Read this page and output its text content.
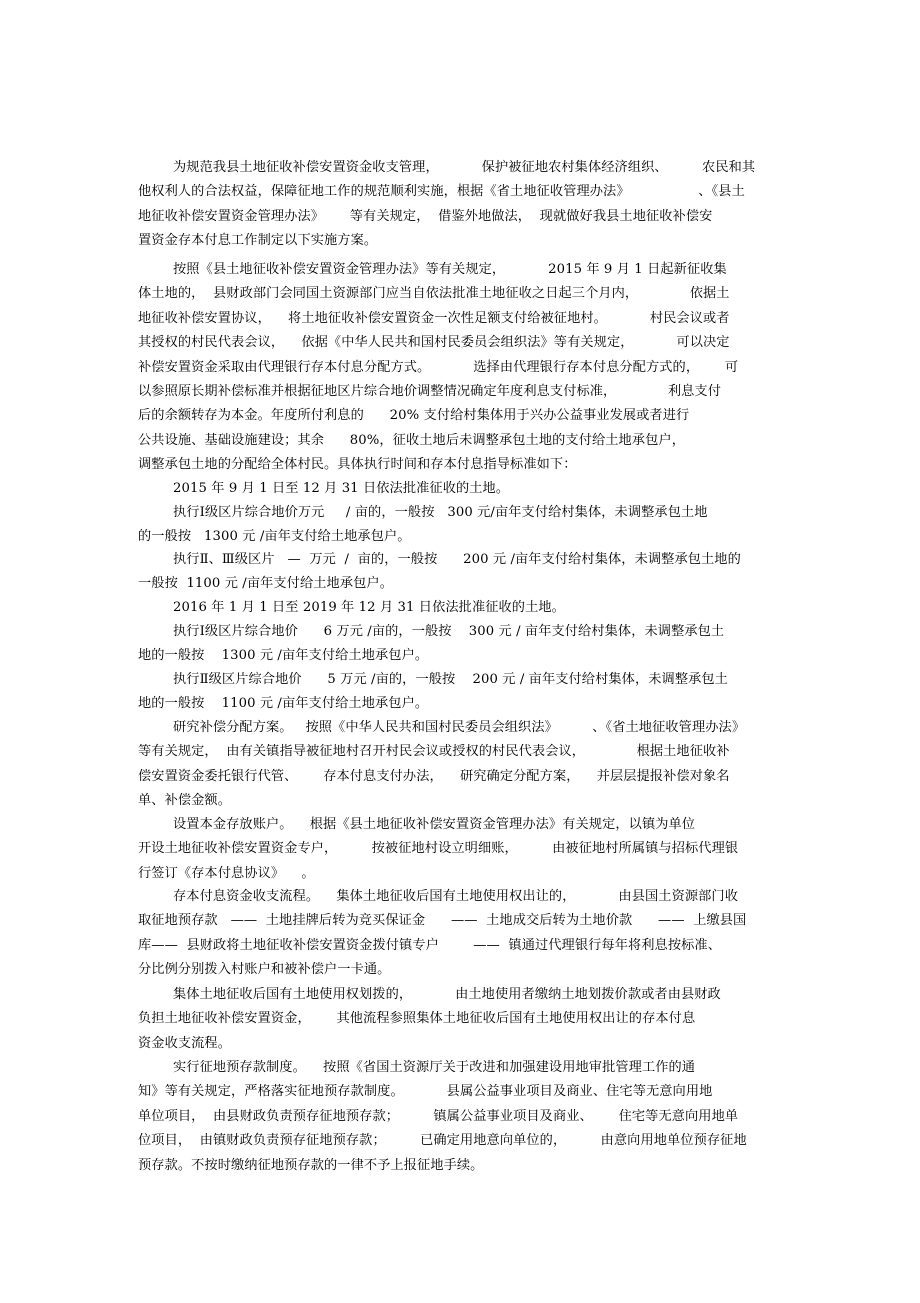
为规范我县土地征收补偿安置资金收支管理，          保护被征地农村集体经济组织、        农民和其
他权利人的合法权益，保障征地工作的规范顺利实施，根据《省土地征收管理办法》                、《县土
地征收补偿安置资金管理办法》      等有关规定，  借鉴外地做法，  现就做好我县土地征收补偿安
置资金存本付息工作制定以下实施方案。
按照《县土地征收补偿安置资金管理办法》等有关规定，          2015 年 9 月 1 日起新征收集
体土地的，  县财政部门会同国土资源部门应当自依法批准土地征收之日起三个月内，            依据土
地征收补偿安置协议，    将土地征收补偿安置资金一次性足额支付给被征地村。          村民会议或者
其授权的村民代表会议，    依据《中华人民共和国村民委员会组织法》等有关规定，          可以决定
补偿安置资金采取由代理银行存本付息分配方式。          选择由代理银行存本付息分配方式的，      可
以参照原长期补偿标准并根据征地区片综合地价调整情况确定年度利息支付标准，            利息支付
后的余额转存为本金。年度所付利息的      20% 支付给村集体用于兴办公益事业发展或者进行
公共设施、基础设施建设；其余      80%，征收土地后未调整承包土地的支付给土地承包户，
调整承包土地的分配给全体村民。具体执行时间和存本付息指导标准如下：
2015 年 9 月 1 日至 12 月 31 日依法批准征收的土地。
执行Ⅰ级区片综合地价万元     / 亩的，一般按   300 元/亩年支付给村集体，未调整承包土地
的一般按   1300 元 /亩年支付给土地承包户。
执行Ⅱ、Ⅲ级区片   —  万元  /  亩的，一般按      200 元 /亩年支付给村集体，未调整承包土地的
一般按  1100 元 /亩年支付给土地承包户。
2016 年 1 月 1 日至 2019 年 12 月 31 日依法批准征收的土地。
执行Ⅰ级区片综合地价      6 万元 /亩的，一般按    300 元 / 亩年支付给村集体，未调整承包土
地的一般按    1300 元 /亩年支付给土地承包户。
执行Ⅱ级区片综合地价      5 万元 /亩的，一般按    200 元 / 亩年支付给村集体，未调整承包土
地的一般按    1100 元 /亩年支付给土地承包户。
研究补偿分配方案。   按照《中华人民共和国村民委员会组织法》        、《省土地征收管理办法》
等有关规定，  由有关镇指导被征地村召开村民会议或授权的村民代表会议，            根据土地征收补
偿安置资金委托银行代管、      存本付息支付办法，    研究确定分配方案，    并层层提报补偿对象名
单、补偿金额。
设置本金存放账户。    根据《县土地征收补偿安置资金管理办法》有关规定，以镇为单位
开设土地征收补偿安置资金专户，        按被征地村设立明细账，        由被征地村所属镇与招标代理银
行签订《存本付息协议》    。
存本付息资金收支流程。    集体土地征收后国有土地使用权出让的，          由县国土资源部门收
取征地预存款   ——  土地挂牌后转为竞买保证金      ——  土地成交后转为土地价款      ——  上缴县国
库——  县财政将土地征收补偿安置资金拨付镇专户        ——  镇通过代理银行每年将利息按标准、
分比例分别拨入村账户和被补偿户一卡通。
集体土地征收后国有土地使用权划拨的，          由土地使用者缴纳土地划拨价款或者由县财政
负担土地征收补偿安置资金，      其他流程参照集体土地征收后国有土地使用权出让的存本付息
资金收支流程。
实行征地预存款制度。    按照《省国土资源厅关于改进和加强建设用地审批管理工作的通
知》等有关规定，严格落实征地预存款制度。          县属公益事业项目及商业、住宅等无意向用地
单位项目，  由县财政负责预存征地预存款；        镇属公益事业项目及商业、      住宅等无意向用地单
位项目，  由镇财政负责预存征地预存款；        已确定用地意向单位的，        由意向用地单位预存征地
预存款。不按时缴纳征地预存款的一律不予上报征地手续。
